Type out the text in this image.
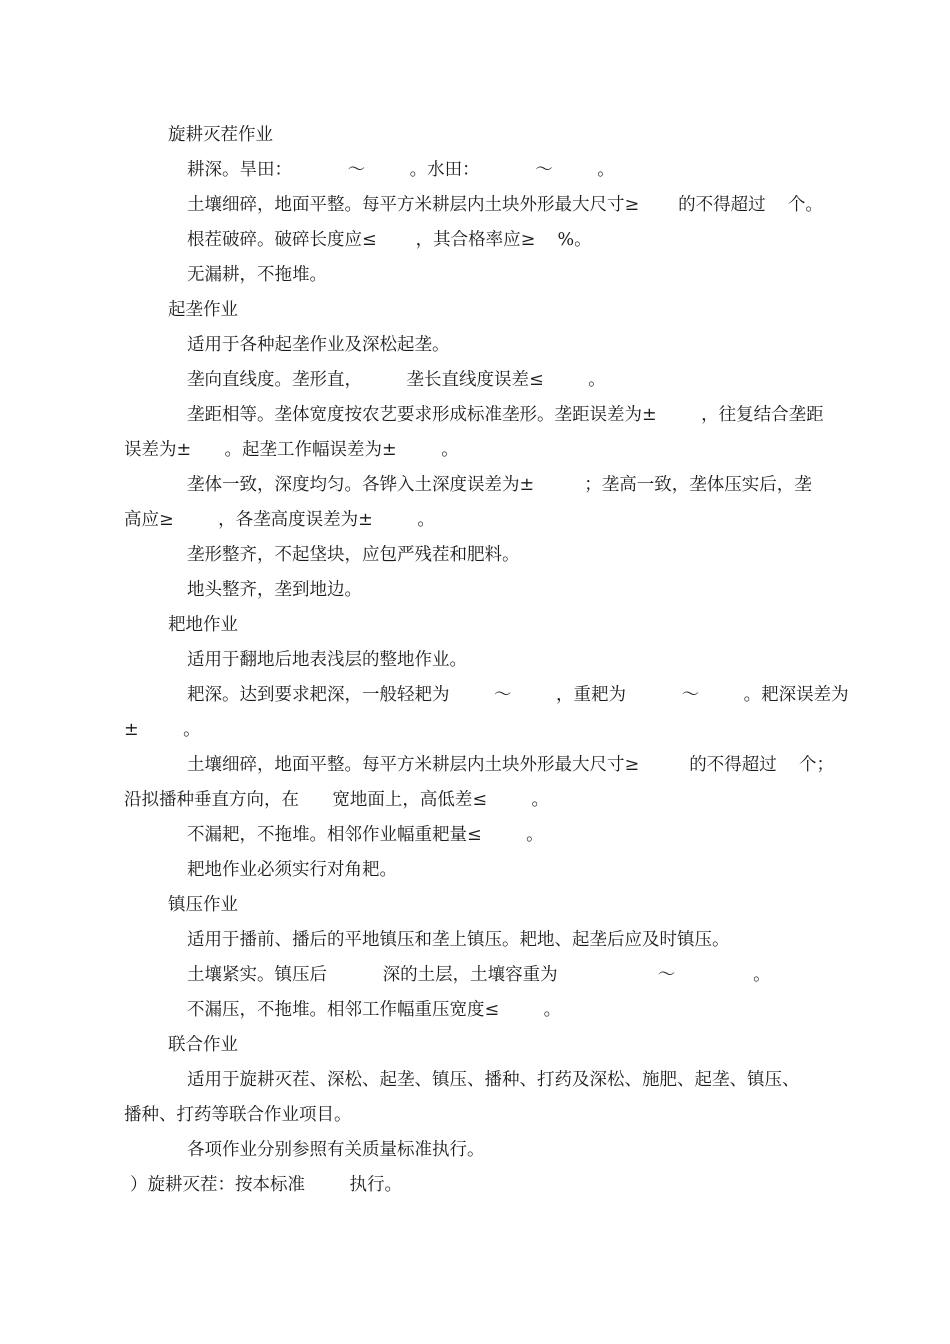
旋耕灭茬作业
耕深。旱田：          ～        。水田：          ～        。
土壤细碎，地面平整。每平方米耕层内土块外形最大尺寸≥       的不得超过    个。
根茬破碎。破碎长度应≤       ，其合格率应≥    %。
无漏耕，不拖堆。
起垄作业
适用于各种起垄作业及深松起垄。
垄向直线度。垄形直，        垄长直线度误差≤        。
垄距相等。垄体宽度按农艺要求形成标准垄形。垄距误差为±        ，往复结合垄距
误差为±      。起垄工作幅误差为±        。
垄体一致，深度均匀。各铧入土深度误差为±         ；垄高一致，垄体压实后，垄
高应≥        ，各垄高度误差为±        。
垄形整齐，不起垡块，应包严残茬和肥料。
地头整齐，垄到地边。
耙地作业
适用于翻地后地表浅层的整地作业。
耙深。达到要求耙深，一般轻耙为        ～        ，重耙为          ～        。耙深误差为
±        。
土壤细碎，地面平整。每平方米耕层内土块外形最大尺寸≥         的不得超过    个；
沿拟播种垂直方向，在      宽地面上，高低差≤        。
不漏耙，不拖堆。相邻作业幅重耙量≤        。
耙地作业必须实行对角耙。
镇压作业
适用于播前、播后的平地镇压和垄上镇压。耙地、起垄后应及时镇压。
土壤紧实。镇压后          深的土层，土壤容重为                  ～              。
不漏压，不拖堆。相邻工作幅重压宽度≤        。
联合作业
适用于旋耕灭茬、深松、起垄、镇压、播种、打药及深松、施肥、起垄、镇压、
播种、打药等联合作业项目。
各项作业分别参照有关质量标准执行。
）旋耕灭茬：按本标准        执行。
